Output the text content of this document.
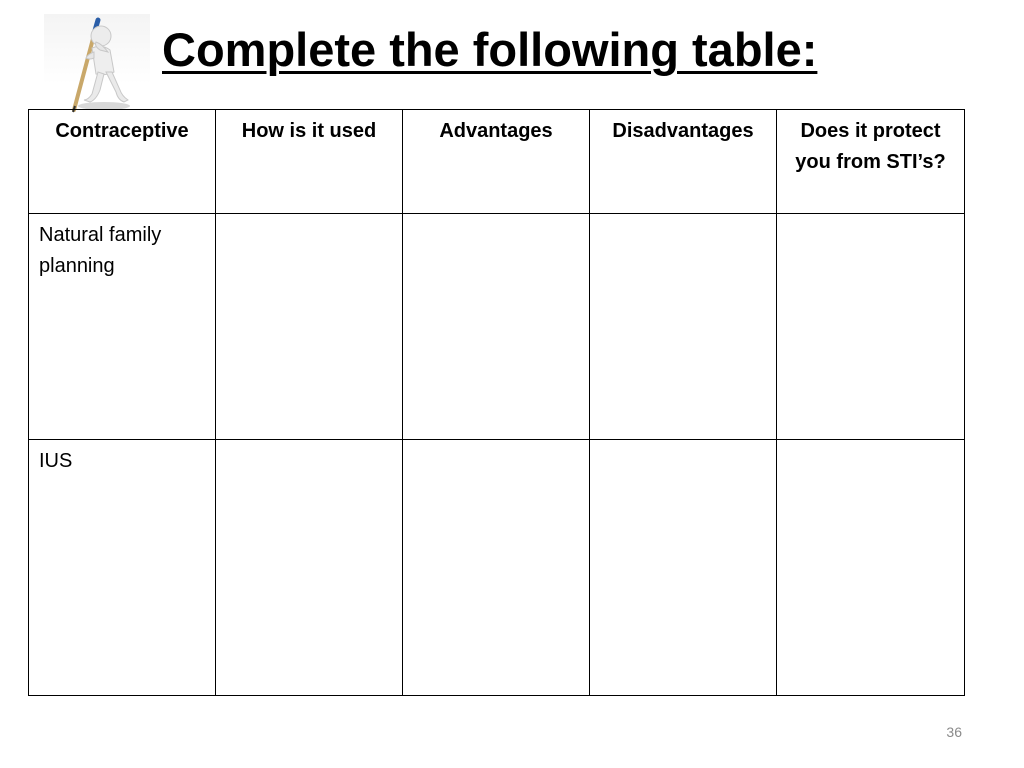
Complete the following table:
Contraceptive	How is it used	Advantages	Disadvantages	Does it protect you from STI’s?
Natural family planning				
IUS				
36
